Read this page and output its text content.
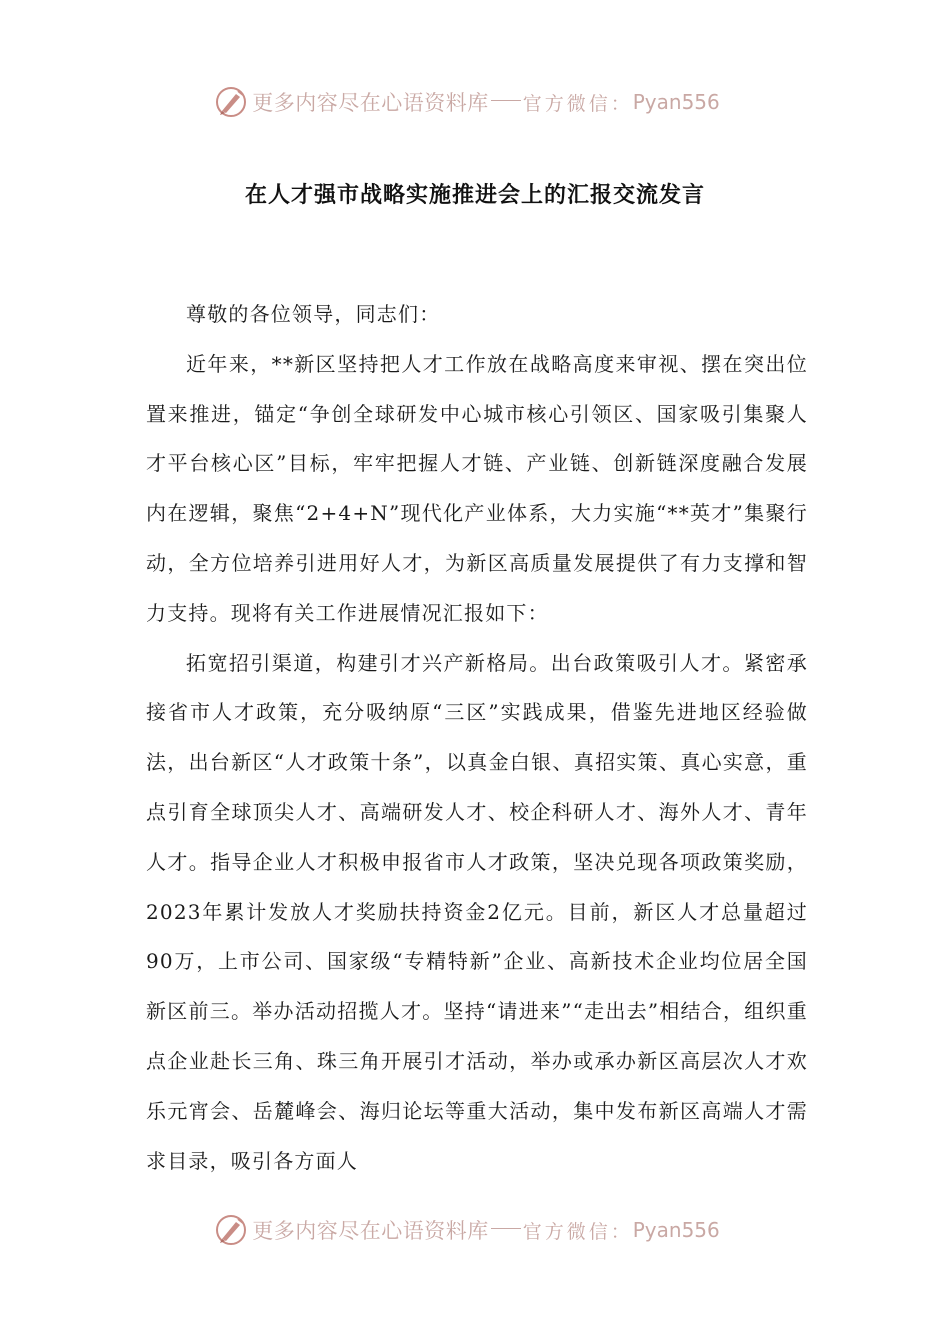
更多内容尽在心语资料库 官方微信： Pyan556
在人才强市战略实施推进会上的汇报交流发言

尊敬的各位领导，同志们：

近年来，**新区坚持把人才工作放在战略高度来审视、摆在突出位置来推进，锚定“争创全球研发中心城市核心引领区、国家吸引集聚人才平台核心区”目标，牢牢把握人才链、产业链、创新链深度融合发展内在逻辑，聚焦“2+4+N”现代化产业体系，大力实施“**英才”集聚行动，全方位培养引进用好人才，为新区高质量发展提供了有力支撑和智力支持。现将有关工作进展情况汇报如下：

拓宽招引渠道，构建引才兴产新格局。出台政策吸引人才。紧密承接省市人才政策，充分吸纳原“三区”实践成果，借鉴先进地区经验做法，出台新区“人才政策十条”，以真金白银、真招实策、真心实意，重点引育全球顶尖人才、高端研发人才、校企科研人才、海外人才、青年人才。指导企业人才积极申报省市人才政策，坚决兑现各项政策奖励，2023年累计发放人才奖励扶持资金2亿元。目前，新区人才总量超过90万，上市公司、国家级“专精特新”企业、高新技术企业均位居全国新区前三。举办活动招揽人才。坚持“请进来”“走出去”相结合，组织重点企业赴长三角、珠三角开展引才活动，举办或承办新区高层次人才欢乐元宵会、岳麓峰会、海归论坛等重大活动，集中发布新区高端人才需求目录，吸引各方面人

更多内容尽在心语资料库 官方微信： Pyan556
